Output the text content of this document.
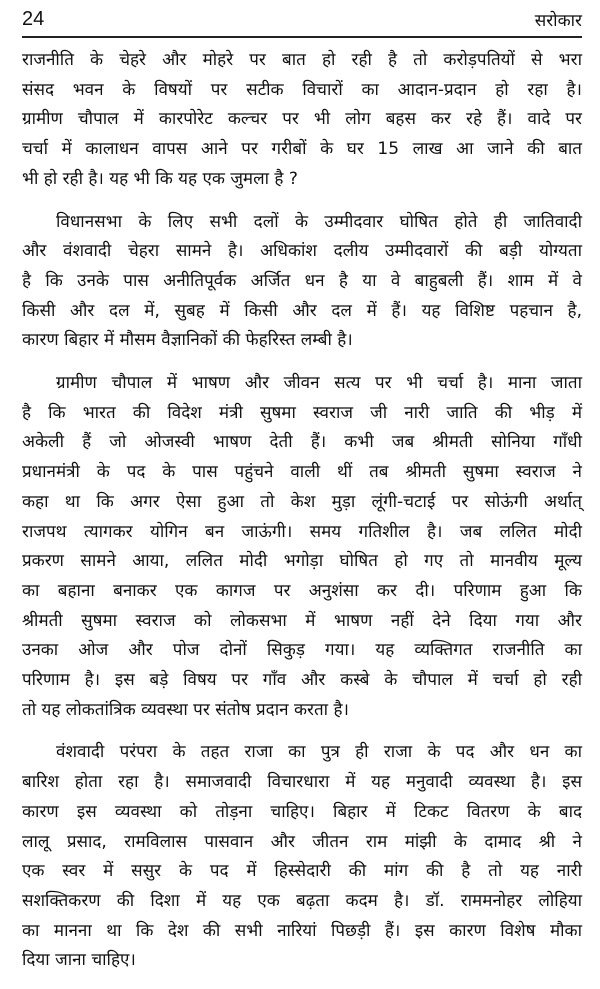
24	सरोकार
राजनीति के चेहरे और मोहरे पर बात हो रही है तो करोड़पतियों से भरा
संसद भवन के विषयों पर सटीक विचारों का आदान-प्रदान हो रहा है।
ग्रामीण चौपाल में कारपोरेट कल्चर पर भी लोग बहस कर रहे हैं। वादे पर
चर्चा में कालाधन वापस आने पर गरीबों के घर 15 लाख आ जाने की बात
भी हो रही है। यह भी कि यह एक जुमला है ?
विधानसभा के लिए सभी दलों के उम्मीदवार घोषित होते ही जातिवादी
और वंशवादी चेहरा सामने है। अधिकांश दलीय उम्मीदवारों की बड़ी योग्यता
है कि उनके पास अनीतिपूर्वक अर्जित धन है या वे बाहुबली हैं। शाम में वे
किसी और दल में, सुबह में किसी और दल में हैं। यह विशिष्ट पहचान है,
कारण बिहार में मौसम वैज्ञानिकों की फेहरिस्त लम्बी है।
ग्रामीण चौपाल में भाषण और जीवन सत्य पर भी चर्चा है। माना जाता
है कि भारत की विदेश मंत्री सुषमा स्वराज जी नारी जाति की भीड़ में
अकेली हैं जो ओजस्वी भाषण देती हैं। कभी जब श्रीमती सोनिया गाँधी
प्रधानमंत्री के पद के पास पहुंचने वाली थीं तब श्रीमती सुषमा स्वराज ने
कहा था कि अगर ऐसा हुआ तो केश मुड़ा लूंगी-चटाई पर सोऊंगी अर्थात्
राजपथ त्यागकर योगिन बन जाऊंगी। समय गतिशील है। जब ललित मोदी
प्रकरण सामने आया, ललित मोदी भगोड़ा घोषित हो गए तो मानवीय मूल्य
का बहाना बनाकर एक कागज पर अनुशंसा कर दी। परिणाम हुआ कि
श्रीमती सुषमा स्वराज को लोकसभा में भाषण नहीं देने दिया गया और
उनका ओज और पोज दोनों सिकुड़ गया। यह व्यक्तिगत राजनीति का
परिणाम है। इस बड़े विषय पर गाँव और कस्बे के चौपाल में चर्चा हो रही
तो यह लोकतांत्रिक व्यवस्था पर संतोष प्रदान करता है।
वंशवादी परंपरा के तहत राजा का पुत्र ही राजा के पद और धन का
बारिश होता रहा है। समाजवादी विचारधारा में यह मनुवादी व्यवस्था है। इस
कारण इस व्यवस्था को तोड़ना चाहिए। बिहार में टिकट वितरण के बाद
लालू प्रसाद, रामविलास पासवान और जीतन राम मांझी के दामाद श्री ने
एक स्वर में ससुर के पद में हिस्सेदारी की मांग की है तो यह नारी
सशक्तिकरण की दिशा में यह एक बढ़ता कदम है। डॉ. राममनोहर लोहिया
का मानना था कि देश की सभी नारियां पिछड़ी हैं। इस कारण विशेष मौका
दिया जाना चाहिए।
